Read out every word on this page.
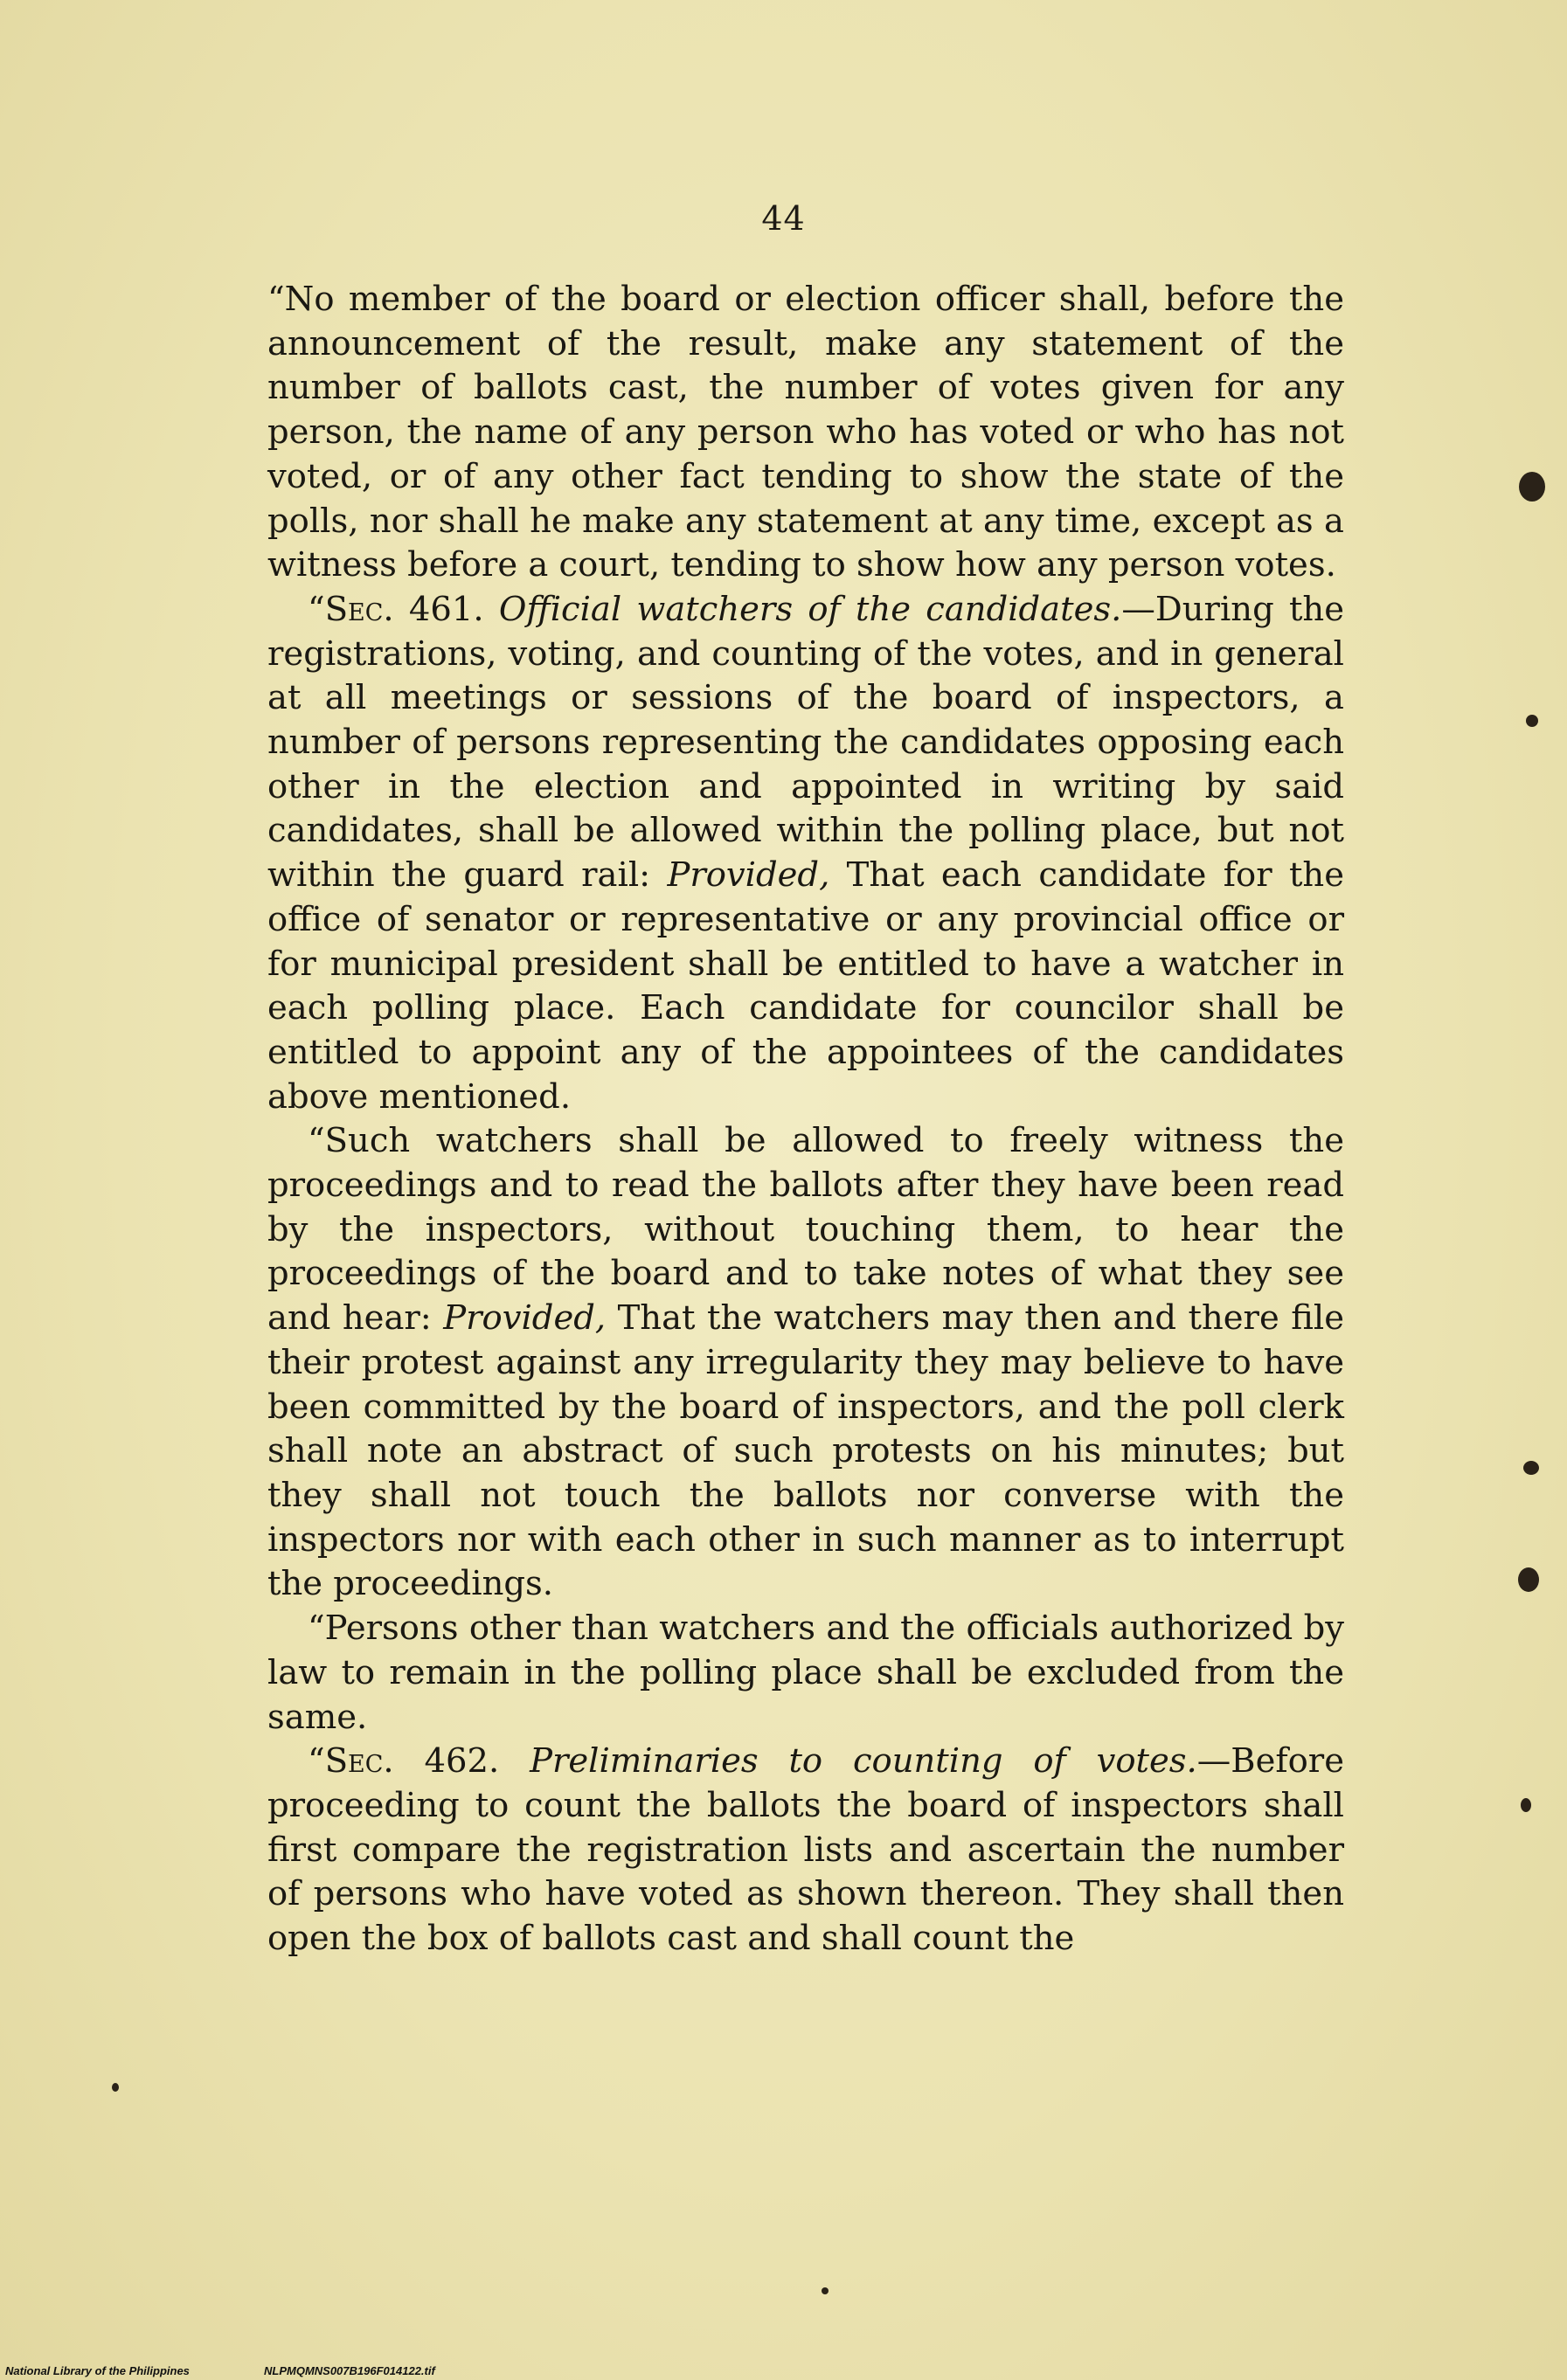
44

“No member of the board or election officer shall, before the announcement of the result, make any statement of the number of ballots cast, the number of votes given for any person, the name of any person who has voted or who has not voted, or of any other fact tending to show the state of the polls, nor shall he make any statement at any time, except as a witness before a court, tending to show how any person votes.

“Sec. 461. Official watchers of the candidates.—During the registrations, voting, and counting of the votes, and in general at all meetings or sessions of the board of inspectors, a number of persons representing the candidates opposing each other in the election and appointed in writing by said candidates, shall be allowed within the polling place, but not within the guard rail: Provided, That each candidate for the office of senator or representative or any provincial office or for municipal president shall be entitled to have a watcher in each polling place. Each candidate for councilor shall be entitled to appoint any of the appointees of the candidates above mentioned.

“Such watchers shall be allowed to freely witness the proceedings and to read the ballots after they have been read by the inspectors, without touching them, to hear the proceedings of the board and to take notes of what they see and hear: Provided, That the watchers may then and there file their protest against any irregularity they may believe to have been committed by the board of inspectors, and the poll clerk shall note an abstract of such protests on his minutes; but they shall not touch the ballots nor converse with the inspectors nor with each other in such manner as to interrupt the proceedings.

“Persons other than watchers and the officials authorized by law to remain in the polling place shall be excluded from the same.

“Sec. 462. Preliminaries to counting of votes.—Before proceeding to count the ballots the board of inspectors shall first compare the registration lists and ascertain the number of persons who have voted as shown thereon. They shall then open the box of ballots cast and shall count the

National Library of the Philippines	NLPMQMNS007B196F014122.tif
